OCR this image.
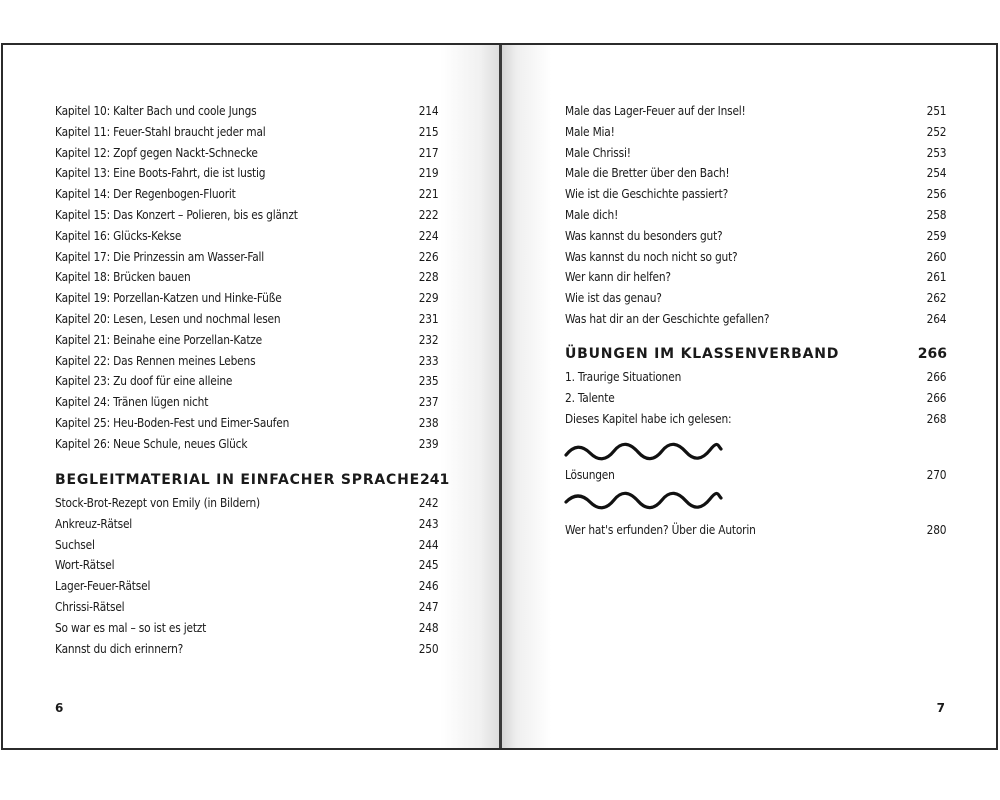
Kapitel 10: Kalter Bach und coole Jungs	214
Kapitel 11: Feuer-Stahl braucht jeder mal	215
Kapitel 12: Zopf gegen Nackt-Schnecke	217
Kapitel 13: Eine Boots-Fahrt, die ist lustig	219
Kapitel 14: Der Regenbogen-Fluorit	221
Kapitel 15: Das Konzert – Polieren, bis es glänzt	222
Kapitel 16: Glücks-Kekse	224
Kapitel 17: Die Prinzessin am Wasser-Fall	226
Kapitel 18: Brücken bauen	228
Kapitel 19: Porzellan-Katzen und Hinke-Füße	229
Kapitel 20: Lesen, Lesen und nochmal lesen	231
Kapitel 21: Beinahe eine Porzellan-Katze	232
Kapitel 22: Das Rennen meines Lebens	233
Kapitel 23: Zu doof für eine alleine	235
Kapitel 24: Tränen lügen nicht	237
Kapitel 25: Heu-Boden-Fest und Eimer-Saufen	238
Kapitel 26: Neue Schule, neues Glück	239
BEGLEITMATERIAL IN EINFACHER SPRACHE 241
Stock-Brot-Rezept von Emily (in Bildern)	242
Ankreuz-Rätsel	243
Suchsel	244
Wort-Rätsel	245
Lager-Feuer-Rätsel	246
Chrissi-Rätsel	247
So war es mal – so ist es jetzt	248
Kannst du dich erinnern?	250
6
Male das Lager-Feuer auf der Insel!	251
Male Mia!	252
Male Chrissi!	253
Male die Bretter über den Bach!	254
Wie ist die Geschichte passiert?	256
Male dich!	258
Was kannst du besonders gut?	259
Was kannst du noch nicht so gut?	260
Wer kann dir helfen?	261
Wie ist das genau?	262
Was hat dir an der Geschichte gefallen?	264
ÜBUNGEN IM KLASSENVERBAND	266
1. Traurige Situationen	266
2. Talente	266
Dieses Kapitel habe ich gelesen:	268
Lösungen	270
Wer hat's erfunden? Über die Autorin	280
7
